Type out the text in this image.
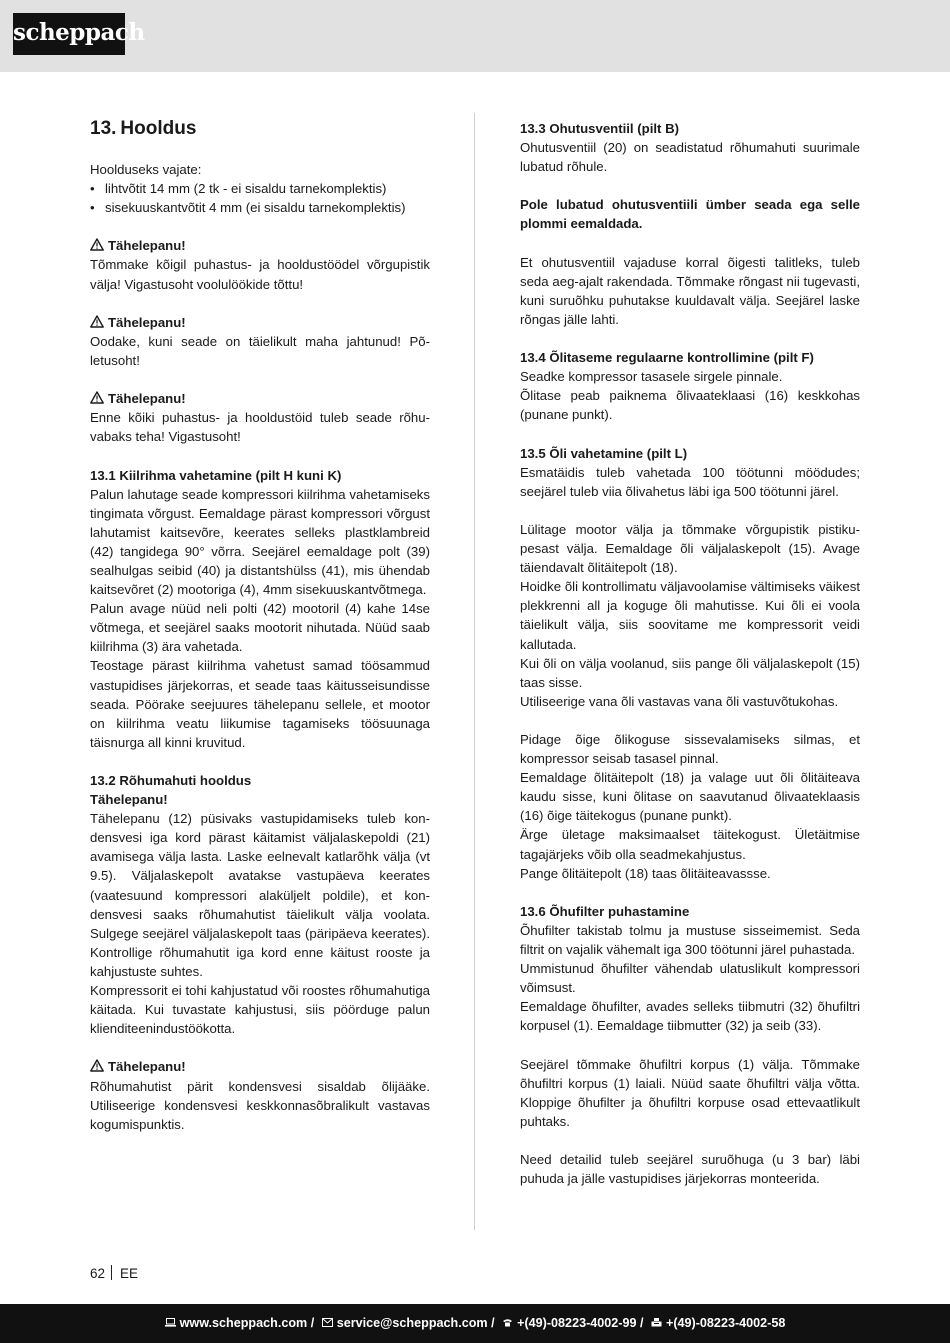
scheppach
13. Hooldus

Hoolduseks vajate:

• lihtvõtit 14 mm (2 tk - ei sisaldu tarnekomplektis)
• sisekuuskantvõtit 4 mm (ei sisaldu tarnekomplektis)

Tähelepanu!

Tõmmake kõigil puhastus- ja hooldustöödel võrgupistik välja! Vigastusoht voolulöökide tõttu!

Tähelepanu!

Oodake, kuni seade on täielikult maha jahtunud! Põletusoht!

Tähelepanu!

Enne kõiki puhastus- ja hooldustöid tuleb seade rõhuvabaks teha! Vigastusoht!

13.1 Kiilrihma vahetamine (pilt H kuni K)

Palun lahutage seade kompressori kiilrihma vahetamiseks tingimata võrgust. Eemaldage pärast kompressori võrgust lahutamist kaitsevõre, keerates selleks plastklambreid (42) tangidega 90° võrra. Seejärel eemaldage polt (39) sealhulgas seibid (40) ja distantshülss (41), mis ühendab kaitsevõret (2) mootoriga (4), 4mm sisekuuskantvõtmega.

Palun avage nüüd neli polti (42) mootoril (4) kahe 14se võtmega, et seejärel saaks mootorit nihutada. Nüüd saab kiilrihma (3) ära vahetada.

Teostage pärast kiilrihma vahetust samad töösammud vastupidises järjekorras, et seade taas käitusseisundisse seada. Pöörake seejuures tähelepanu sellele, et mootor on kiilrihma veatu liikumise tagamiseks töösuunaga täisnurga all kinni kruvitud.

13.2 Rõhumahuti hooldus

Tähelepanu!

Tähelepanu (12) püsivaks vastupidamiseks tuleb kondensvesi iga kord pärast käitamist väljalaskepoldi (21) avamisega välja lasta. Laske eelnevalt katlarõhk välja (vt 9.5). Väljalaskepolt avatakse vastupäeva keerates (vaatesuund kompressori alaküljelt poldile), et kondensvesi saaks rõhumahutist täielikult välja voolata. Sulgege seejärel väljalaskepolt taas (päripäeva keerates). Kontrollige rõhumahutit iga kord enne käitust rooste ja kahjustuste suhtes.

Kompressorit ei tohi kahjustatud või roostes rõhumahutiga käitada. Kui tuvastate kahjustusi, siis pöörduge palun klienditeenindustöökotta.

Tähelepanu!

Rõhumahutist pärit kondensvesi sisaldab õlijääke. Utiliseerige kondensvesi keskkonnasõbralikult vastavas kogumispunktis.

13.3 Ohutusventiil (pilt B)

Ohutusventiil (20) on seadistatud rõhumahuti suurimale lubatud rõhule.

Pole lubatud ohutusventiili ümber seada ega selle plommi eemaldada.

Et ohutusventiil vajaduse korral õigesti talitleks, tuleb seda aeg-ajalt rakendada. Tõmmake rõngast nii tugevasti, kuni suruõhku puhutakse kuuldavalt välja. Seejärel laske rõngas jälle lahti.

13.4 Õlitaseme regulaarne kontrollimine (pilt F)

Seadke kompressor tasasele sirgele pinnale.

Õlitase peab paiknema õlivaateklaasi (16) keskkohas (punane punkt).

13.5 Õli vahetamine (pilt L)

Esmatäidis tuleb vahetada 100 töötunni möödudes; seejärel tuleb viia õlivahetus läbi iga 500 töötunni järel.

Lülitage mootor välja ja tõmmake võrgupistik pistikupesast välja. Eemaldage õli väljalaskepolt (15). Avage täiendavalt õlitäitepolt (18).

Hoidke õli kontrollimatu väljavoolamise vältimiseks väikest plekkrenni all ja koguge õli mahutisse. Kui õli ei voola täielikult välja, siis soovitame me kompressorit veidi kallutada.

Kui õli on välja voolanud, siis pange õli väljalaskepolt (15) taas sisse.

Utiliseerige vana õli vastavas vana õli vastuvõtukohas.

Pidage õige õlikoguse sissevalamiseks silmas, et kompressor seisab tasasel pinnal.

Eemaldage õlitäitepolt (18) ja valage uut õli õlitäiteava kaudu sisse, kuni õlitase on saavutanud õlivaateklaasis (16) õige täitekogus (punane punkt).

Ärge ületage maksimaalset täitekogust. Ületäitmise tagajärjeks võib olla seadmekahjustus.

Pange õlitäitepolt (18) taas õlitäiteavassse.

13.6 Õhufilter puhastamine

Õhufilter takistab tolmu ja mustuse sisseimemist. Seda filtrit on vajalik vähemalt iga 300 töötunni järel puhastada.

Ummistunud õhufilter vähendab ulatuslikult kompressori võimsust.

Eemaldage õhufilter, avades selleks tiibmutri (32) õhufiltri korpusel (1). Eemaldage tiibmutter (32) ja seib (33).

Seejärel tõmmake õhufiltri korpus (1) välja. Tõmmake õhufiltri korpus (1) laiali. Nüüd saate õhufiltri välja võtta. Kloppige õhufilter ja õhufiltri korpuse osad ettevaatlikult puhtaks.

Need detailid tuleb seejärel suruõhuga (u 3 bar) läbi puhuda ja jälle vastupidises järjekorras monteerida.

62 EE
www.scheppach.com / service@scheppach.com / +(49)-08223-4002-99 / +(49)-08223-4002-58
